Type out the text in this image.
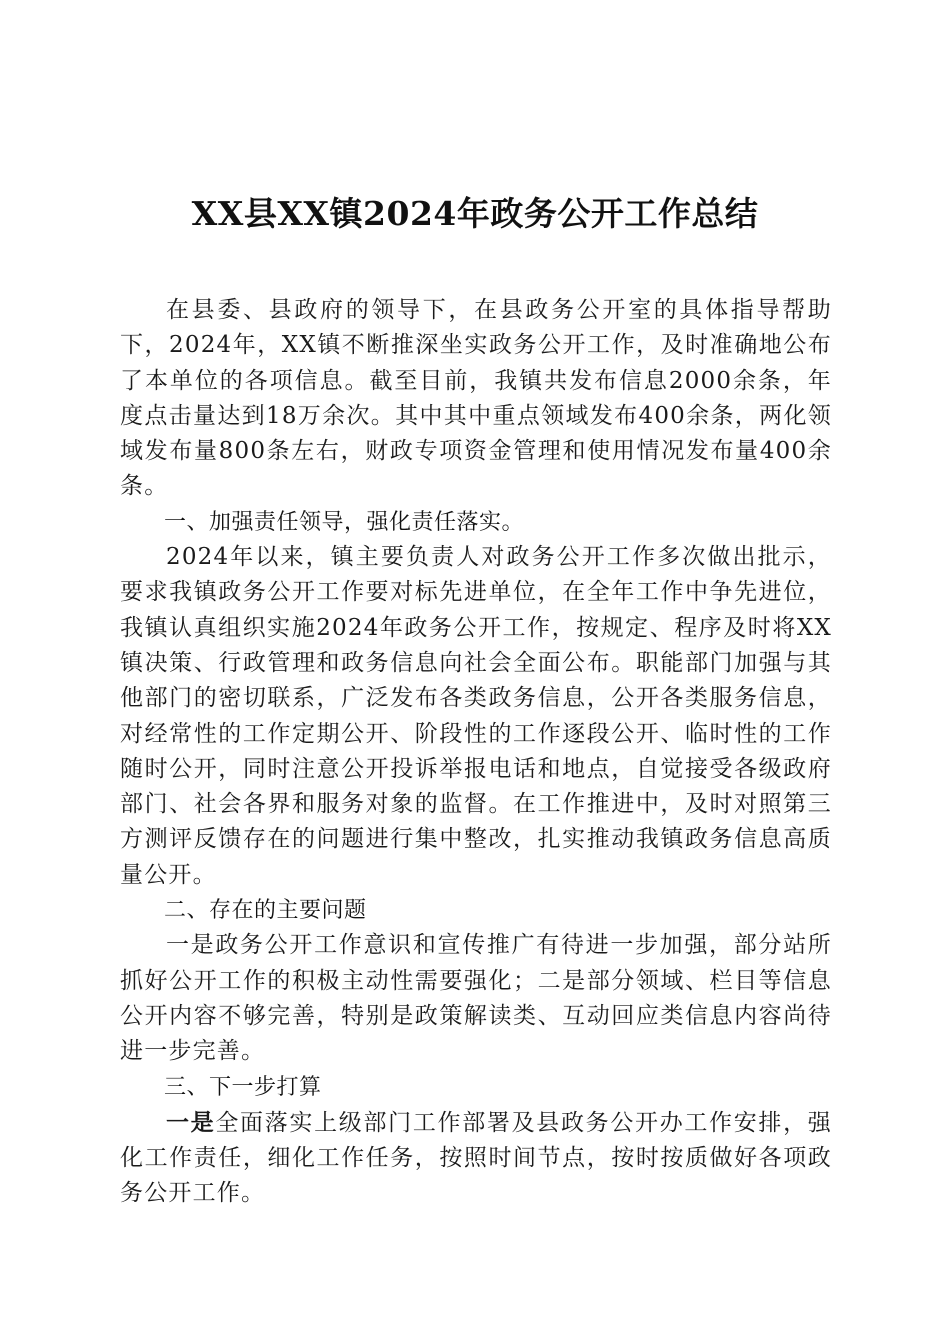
XX县XX镇2024年政务公开工作总结

在县委、县政府的领导下，在县政务公开室的具体指导帮助下，2024年，XX镇不断推深坐实政务公开工作，及时准确地公布了本单位的各项信息。截至目前，我镇共发布信息2000余条，年度点击量达到18万余次。其中其中重点领域发布400余条，两化领域发布量800条左右，财政专项资金管理和使用情况发布量400余条。

一、加强责任领导，强化责任落实。

2024年以来，镇主要负责人对政务公开工作多次做出批示，要求我镇政务公开工作要对标先进单位，在全年工作中争先进位，我镇认真组织实施2024年政务公开工作，按规定、程序及时将XX镇决策、行政管理和政务信息向社会全面公布。职能部门加强与其他部门的密切联系，广泛发布各类政务信息，公开各类服务信息，对经常性的工作定期公开、阶段性的工作逐段公开、临时性的工作随时公开，同时注意公开投诉举报电话和地点，自觉接受各级政府部门、社会各界和服务对象的监督。在工作推进中，及时对照第三方测评反馈存在的问题进行集中整改，扎实推动我镇政务信息高质量公开。

二、存在的主要问题

一是政务公开工作意识和宣传推广有待进一步加强，部分站所抓好公开工作的积极主动性需要强化；二是部分领域、栏目等信息公开内容不够完善，特别是政策解读类、互动回应类信息内容尚待进一步完善。

三、下一步打算

一是全面落实上级部门工作部署及县政务公开办工作安排，强化工作责任，细化工作任务，按照时间节点，按时按质做好各项政务公开工作。
